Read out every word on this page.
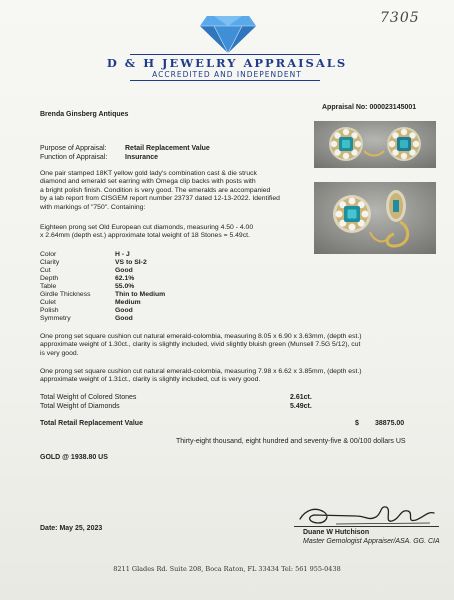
7305
D & H JEWELRY APPRAISALS
ACCREDITED AND INDEPENDENT
Brenda Ginsberg Antiques
Appraisal No: 000023145001
Purpose of Appraisal:	Retail Replacement Value
Function of Appraisal:	Insurance
One pair stamped 18KT yellow gold lady's combination cast & die struck
diamond and emerald set earring with Omega clip backs with posts with
a bright polish finish. Condition is very good. The emeralds are accompanied
by a lab report from CISGEM report number 23737 dated 12-13-2022. Identified
with markings of "750". Containing:
Eighteen prong set Old European cut diamonds, measuring 4.50 - 4.00
x 2.64mm (depth est.) approximate total weight of 18 Stones = 5.49ct.
Color	H - J
Clarity	VS to SI-2
Cut	Good
Depth	62.1%
Table	55.0%
Girdle Thickness	Thin to Medium
Culet	Medium
Polish	Good
Symmetry	Good
One prong set square cushion cut natural emerald-colombia, measuring 8.05 x 6.90 x 3.63mm, (depth est.)
approximate weight of 1.30ct., clarity is slightly included, vivid slightly bluish green (Munsell 7.5G 5/12), cut
is very good.
One prong set square cushion cut natural emerald-colombia, measuring 7.98 x 6.62 x 3.85mm, (depth est.)
approximate weight of 1.31ct., clarity is slightly included, cut is very good.
Total Weight of Colored Stones	2.61ct.
Total Weight of Diamonds	5.49ct.
Total Retail Replacement Value	$ 38875.00
Thirty-eight thousand, eight hundred and seventy-five & 00/100 dollars US
GOLD @ 1938.80 US
Date: May 25, 2023
Duane W Hutchison
Master Gemologist Appraiser/ASA. GG. CIA
8211 Glades Rd. Suite 208, Boca Raton, FL 33434 Tel: 561 955-0438
